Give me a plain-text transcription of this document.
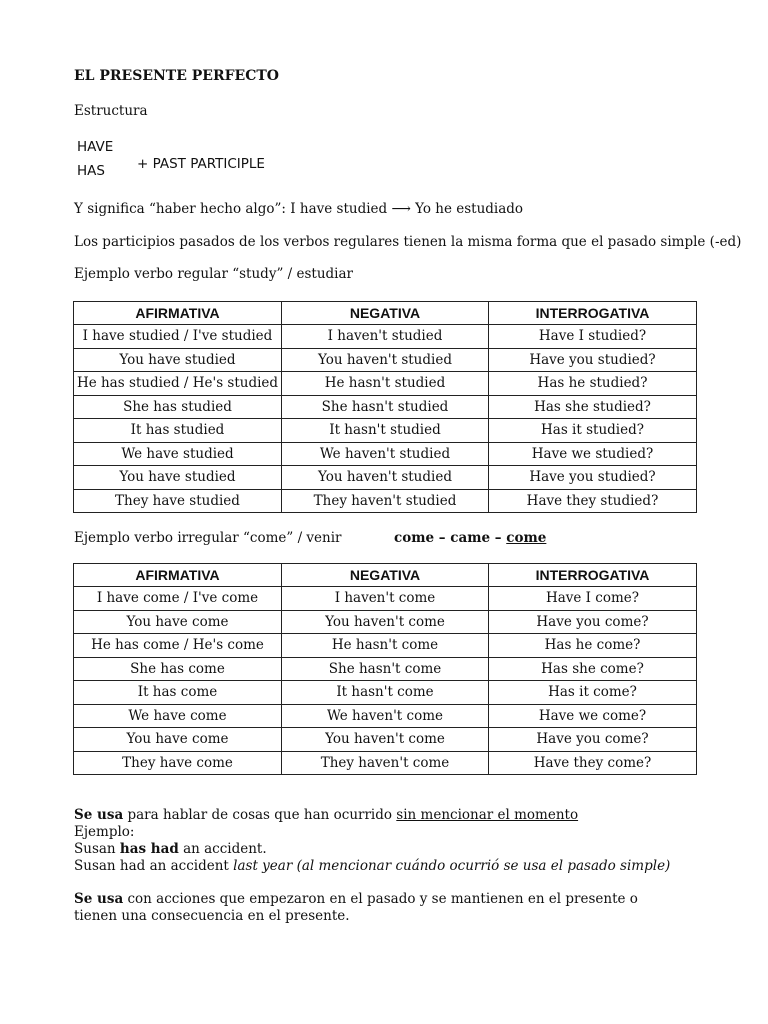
EL PRESENTE PERFECTO
Estructura
HAVE
HAS + PAST PARTICIPLE
Y significa “haber hecho algo”: I have studied ⟶ Yo he estudiado
Los participios pasados de los verbos regulares tienen la misma forma que el pasado simple (-ed)
Ejemplo verbo regular “study” / estudiar
AFIRMATIVA	NEGATIVA	INTERROGATIVA
I have studied / I've studied	I haven't studied	Have I studied?
You have studied	You haven't studied	Have you studied?
He has studied / He's studied	He hasn't studied	Has he studied?
She has studied	She hasn't studied	Has she studied?
It has studied	It hasn't studied	Has it studied?
We have studied	We haven't studied	Have we studied?
You have studied	You haven't studied	Have you studied?
They have studied	They haven't studied	Have they studied?
Ejemplo verbo irregular “come” / venir	come – came – come
AFIRMATIVA	NEGATIVA	INTERROGATIVA
I have come / I've come	I haven't come	Have I come?
You have come	You haven't come	Have you come?
He has come / He's come	He hasn't come	Has he come?
She has come	She hasn't come	Has she come?
It has come	It hasn't come	Has it come?
We have come	We haven't come	Have we come?
You have come	You haven't come	Have you come?
They have come	They haven't come	Have they come?
Se usa para hablar de cosas que han ocurrido sin mencionar el momento
Ejemplo:
Susan has had an accident.
Susan had an accident last year (al mencionar cuándo ocurrió se usa el pasado simple)
Se usa con acciones que empezaron en el pasado y se mantienen en el presente o tienen una consecuencia en el presente.
